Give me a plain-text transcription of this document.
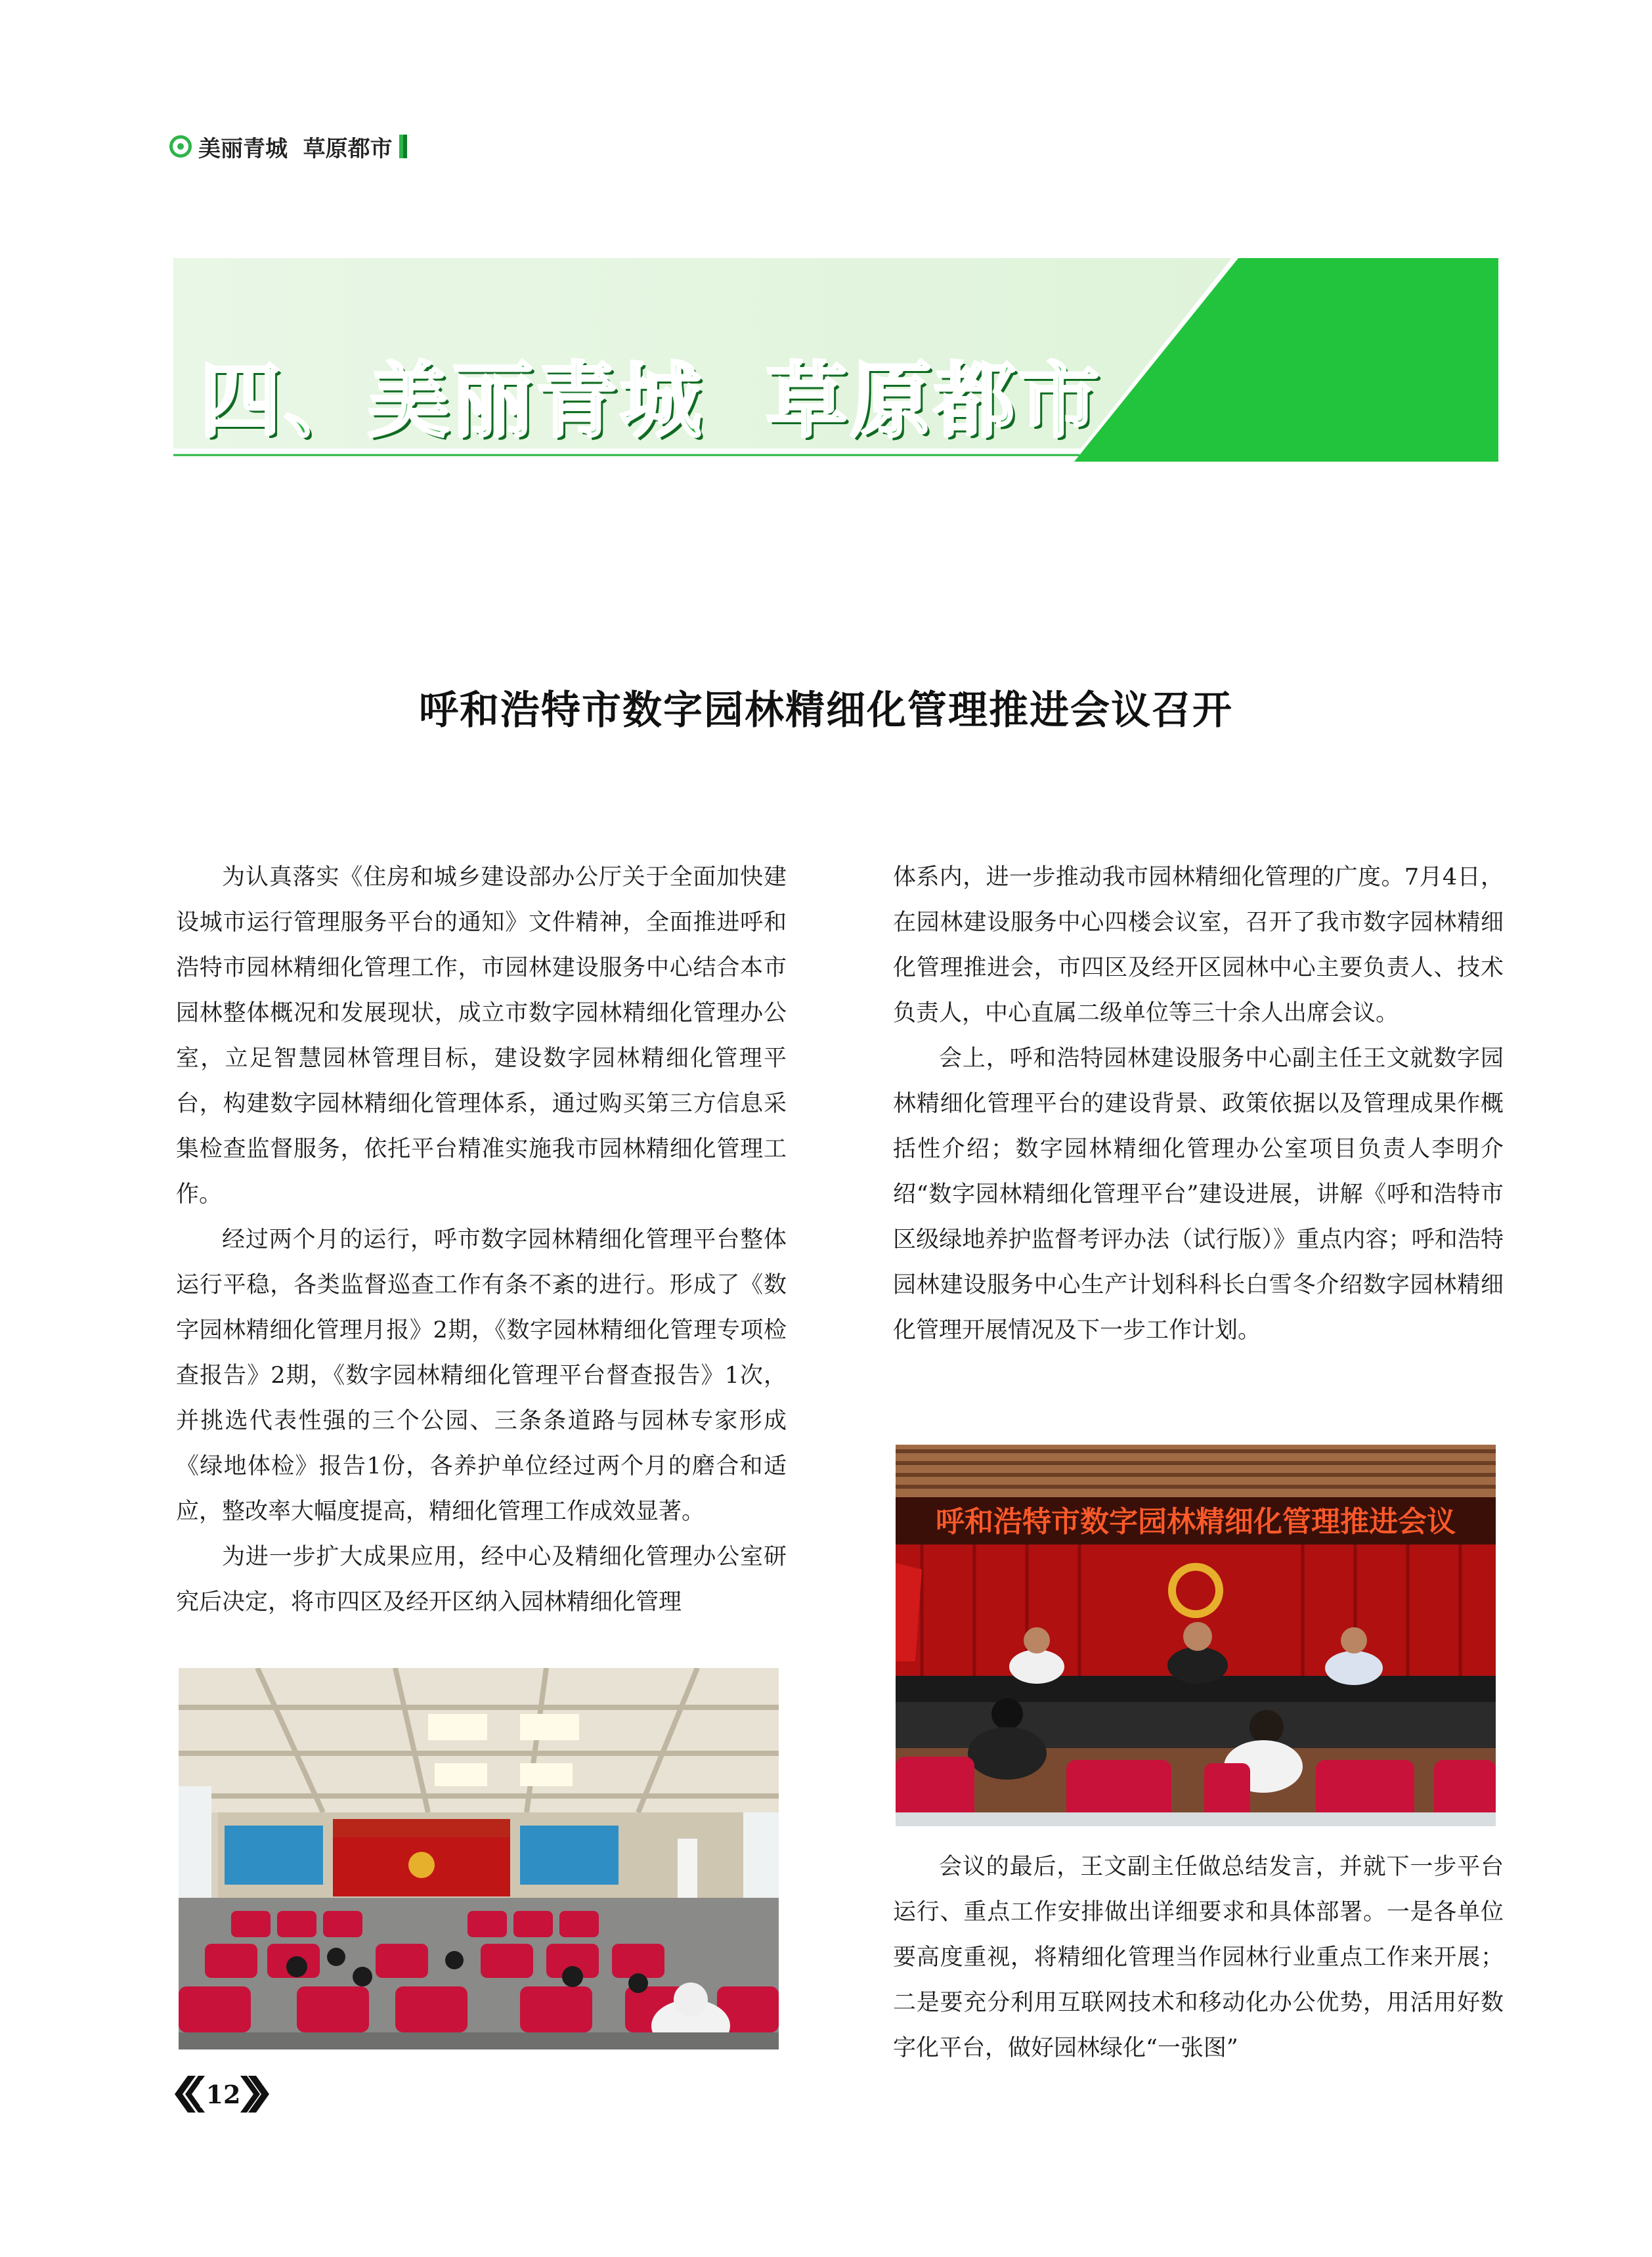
美丽青城  草原都市
四、美丽青城  草原都市
呼和浩特市数字园林精细化管理推进会议召开

为认真落实《住房和城乡建设部办公厅关于全面加快建设城市运行管理服务平台的通知》文件精神，全面推进呼和浩特市园林精细化管理工作，市园林建设服务中心结合本市园林整体概况和发展现状，成立市数字园林精细化管理办公室，立足智慧园林管理目标，建设数字园林精细化管理平台，构建数字园林精细化管理体系，通过购买第三方信息采集检查监督服务，依托平台精准实施我市园林精细化管理工作。

经过两个月的运行，呼市数字园林精细化管理平台整体运行平稳，各类监督巡查工作有条不紊的进行。形成了《数字园林精细化管理月报》2期，《数字园林精细化管理专项检查报告》2期，《数字园林精细化管理平台督查报告》1次，并挑选代表性强的三个公园、三条条道路与园林专家形成《绿地体检》报告1份，各养护单位经过两个月的磨合和适应，整改率大幅度提高，精细化管理工作成效显著。

为进一步扩大成果应用，经中心及精细化管理办公室研究后决定，将市四区及经开区纳入园林精细化管理

体系内，进一步推动我市园林精细化管理的广度。7月4日，在园林建设服务中心四楼会议室，召开了我市数字园林精细化管理推进会，市四区及经开区园林中心主要负责人、技术负责人，中心直属二级单位等三十余人出席会议。

会上，呼和浩特园林建设服务中心副主任王文就数字园林精细化管理平台的建设背景、政策依据以及管理成果作概括性介绍；数字园林精细化管理办公室项目负责人李明介绍“数字园林精细化管理平台”建设进展，讲解《呼和浩特市区级绿地养护监督考评办法（试行版）》重点内容；呼和浩特园林建设服务中心生产计划科科长白雪冬介绍数字园林精细化管理开展情况及下一步工作计划。

会议的最后，王文副主任做总结发言，并就下一步平台运行、重点工作安排做出详细要求和具体部署。一是各单位要高度重视，将精细化管理当作园林行业重点工作来开展；二是要充分利用互联网技术和移动化办公优势，用活用好数字化平台，做好园林绿化“一张图”

呼和浩特市数字园林精细化管理推进会议
12
